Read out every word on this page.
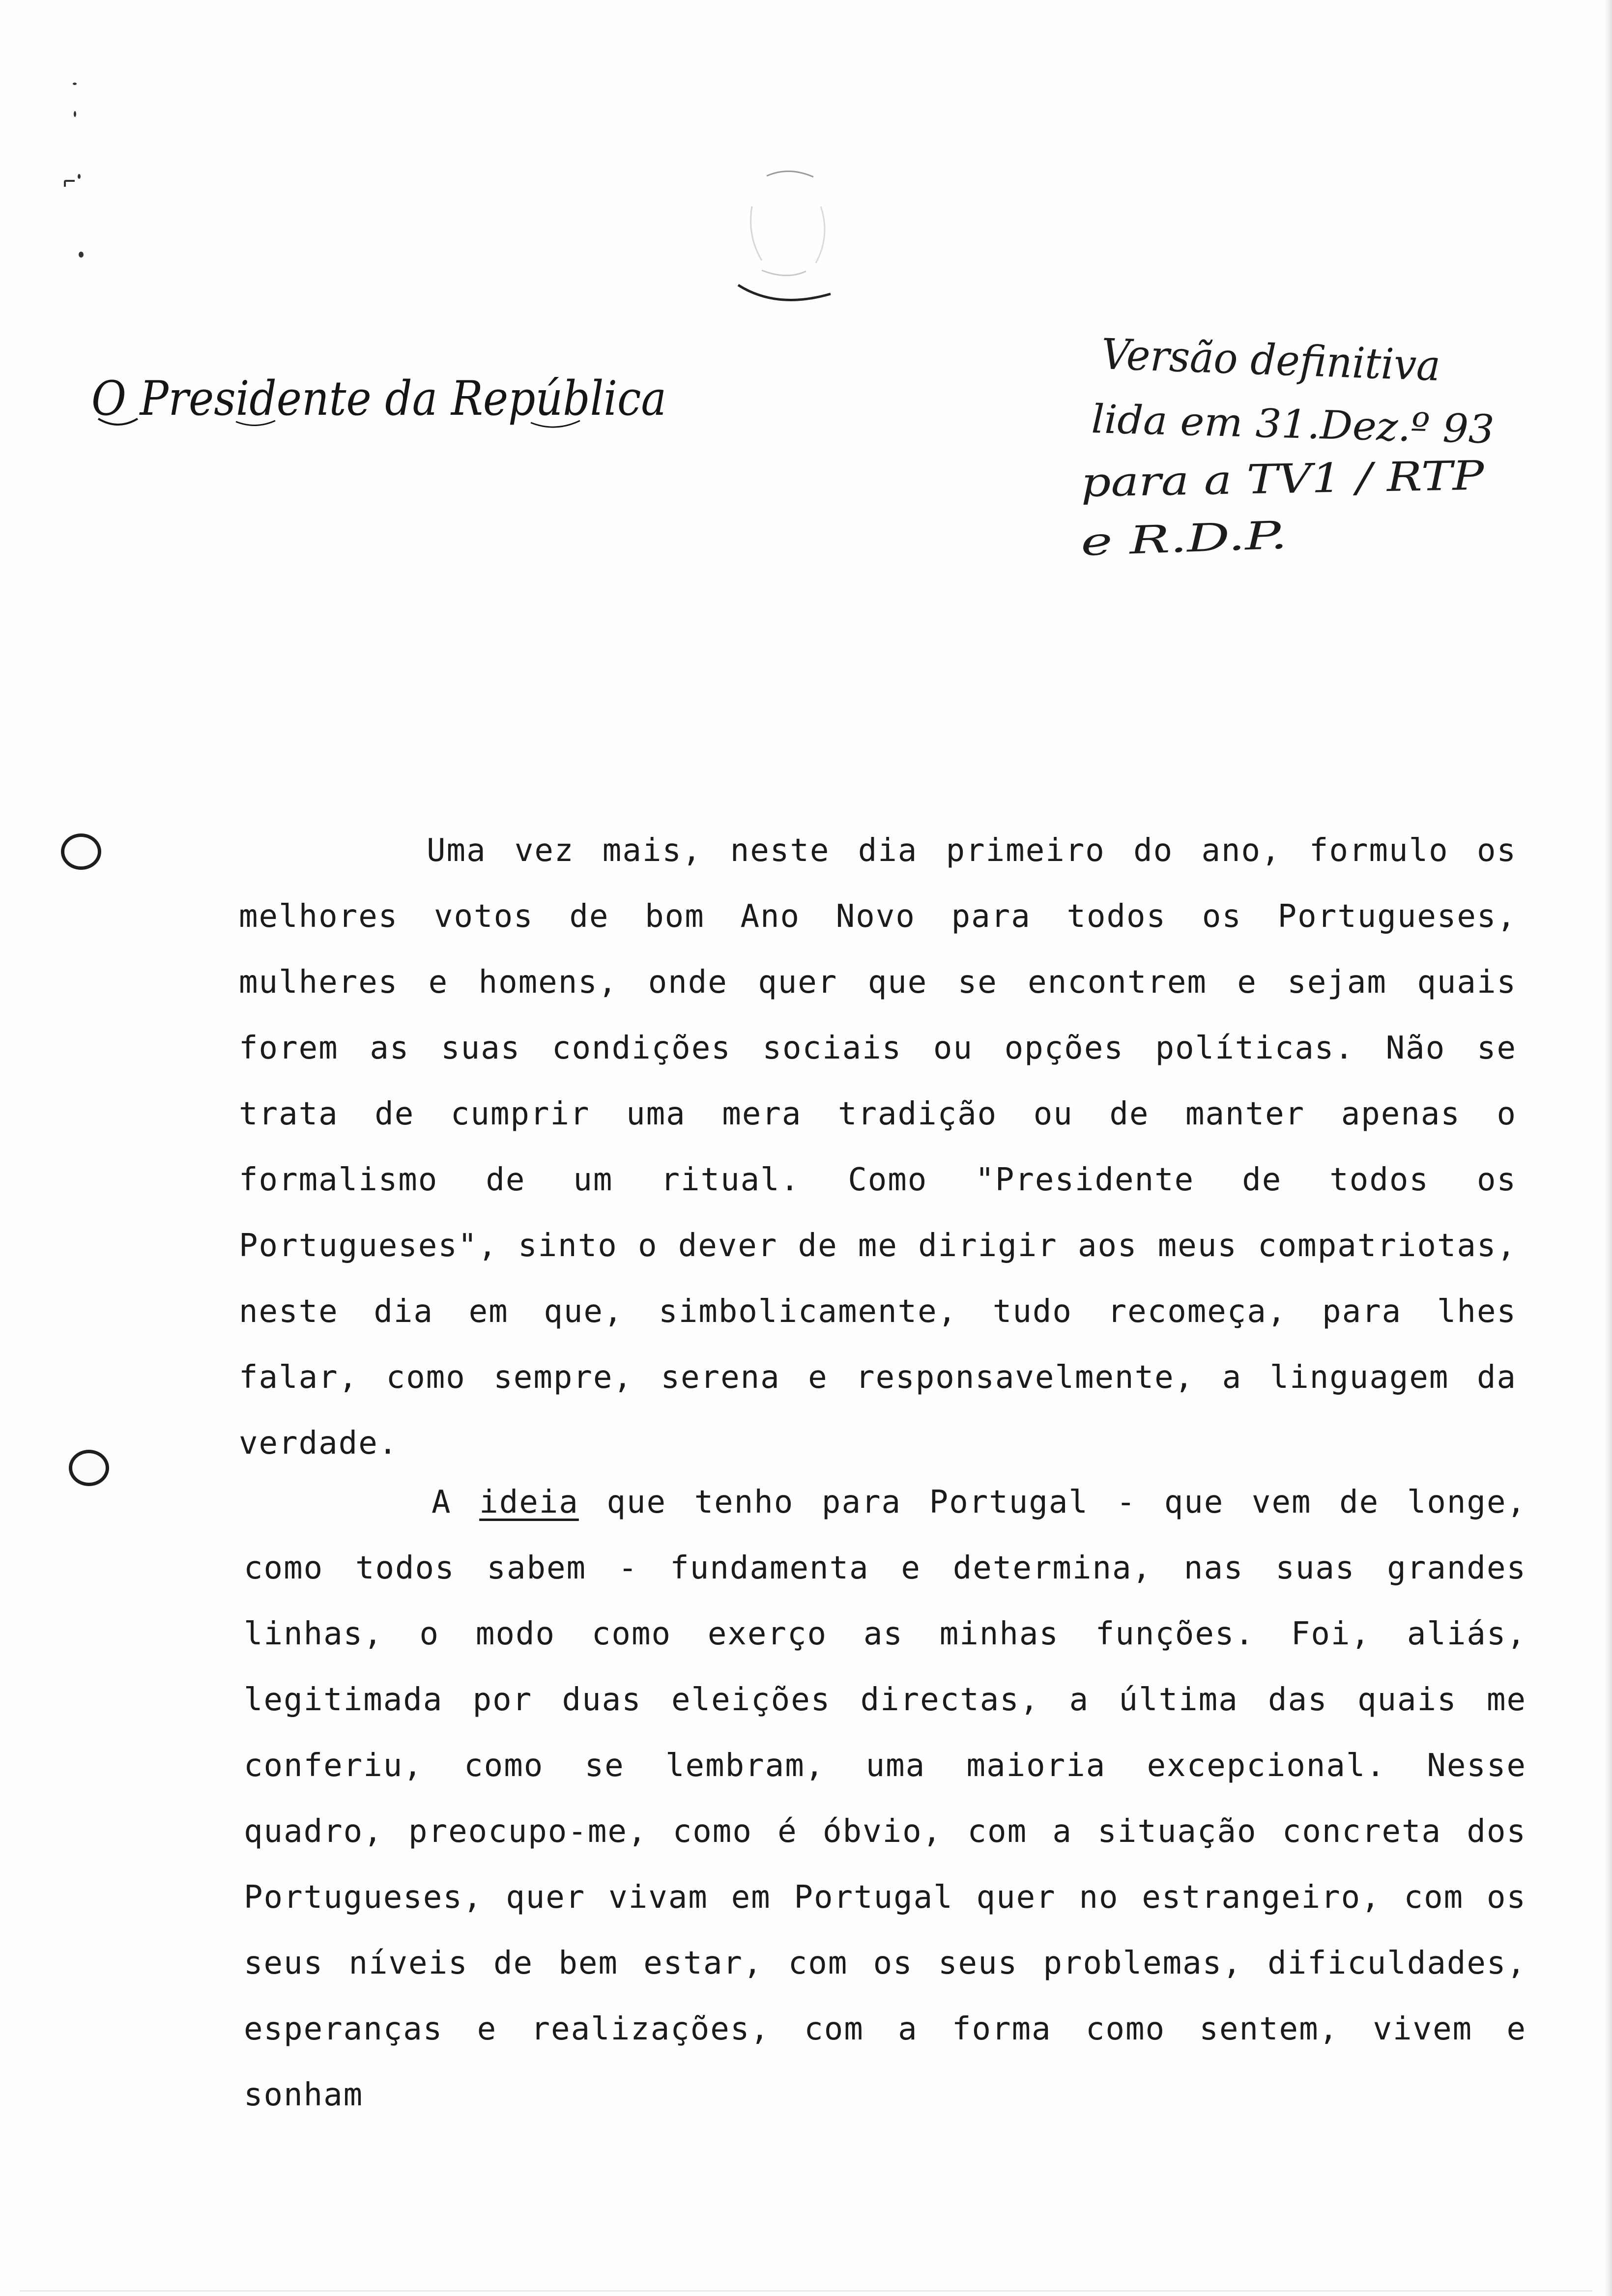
O Presidente da República
Versão definitiva
lida em 31.Dez.º 93
para a TV1 / RTP
e R.D.P.

Uma vez mais, neste dia primeiro do ano, formulo os melhores votos de bom Ano Novo para todos os Portugueses, mulheres e homens, onde quer que se encontrem e sejam quais forem as suas condições sociais ou opções políticas. Não se trata de cumprir uma mera tradição ou de manter apenas o formalismo de um ritual. Como "Presidente de todos os Portugueses", sinto o dever de me dirigir aos meus compatriotas, neste dia em que, simbolicamente, tudo recomeça, para lhes falar, como sempre, serena e responsavelmente, a linguagem da verdade.

A ideia que tenho para Portugal - que vem de longe, como todos sabem - fundamenta e determina, nas suas grandes linhas, o modo como exerço as minhas funções. Foi, aliás, legitimada por duas eleições directas, a última das quais me conferiu, como se lembram, uma maioria excepcional. Nesse quadro, preocupo-me, como é óbvio, com a situação concreta dos Portugueses, quer vivam em Portugal quer no estrangeiro, com os seus níveis de bem estar, com os seus problemas, dificuldades, esperanças e realizações, com a forma como sentem, vivem e sonham
